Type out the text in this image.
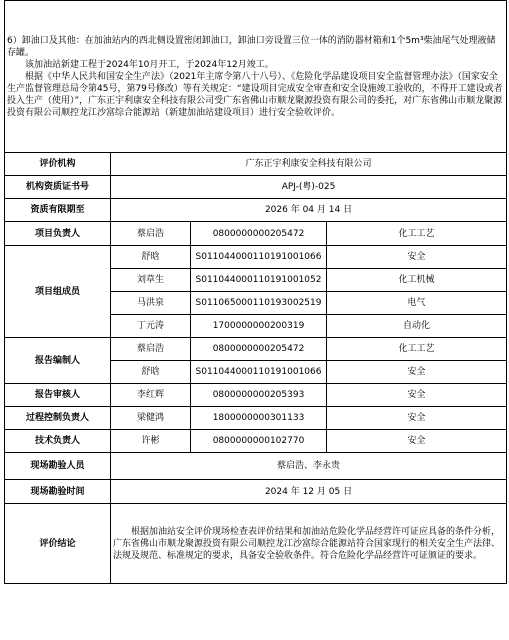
6）卸油口及其他：在加油站内的西北侧设置密闭卸油口，卸油口旁设置三位一体的消防器材箱和1个5m³柴油尾气处理液储存罐。

该加油站新建工程于2024年10月开工，于2024年12月竣工。

根据《中华人民共和国安全生产法》（2021年主席令第八十八号）、《危险化学品建设项目安全监督管理办法》（国家安全生产监督管理总局令第45号，第79号修改）等有关规定：“建设项目完成安全审查和安全设施竣工验收的，不得开工建设或者投入生产（使用）”，广东正宇利康安全科技有限公司受广东省佛山市顺龙聚源投资有限公司的委托，对广东省佛山市顺龙聚源投资有限公司顺控龙江沙富综合能源站（新建加油站建设项目）进行安全验收评价。			

评价机构	广东正宇利康安全科技有限公司		
机构资质证书号	APJ-(粤)-025		
资质有限期至	2026 年 04 月 14 日		
项目负责人	蔡启浩	0800000000205472	化工工艺
项目组成员	舒晗	S011044000110191001066	安全
	刘草生	S011044000110191001052	化工机械
	马洪泉	S011065000110193002519	电气
	丁元涛	1700000000200319	自动化
报告编制人	蔡启浩	0800000000205472	化工工艺
	舒晗	S011044000110191001066	安全
报告审核人	李红辉	0800000000205393	安全
过程控制负责人	梁健鸿	1800000000301133	安全
技术负责人	许彬	0800000000102770	安全
现场勘验人员	蔡启浩、李永贵		
现场勘验时间	2024 年 12 月 05 日		
评价结论	根据加油站安全评价现场检查表评价结果和加油站危险化学品经营许可证应具备的条件分析，广东省佛山市顺龙聚源投资有限公司顺控龙江沙富综合能源站符合国家现行的相关安全生产法律、法规及规范、标准规定的要求，具备安全验收条件。符合危险化学品经营许可证颁证的要求。		
